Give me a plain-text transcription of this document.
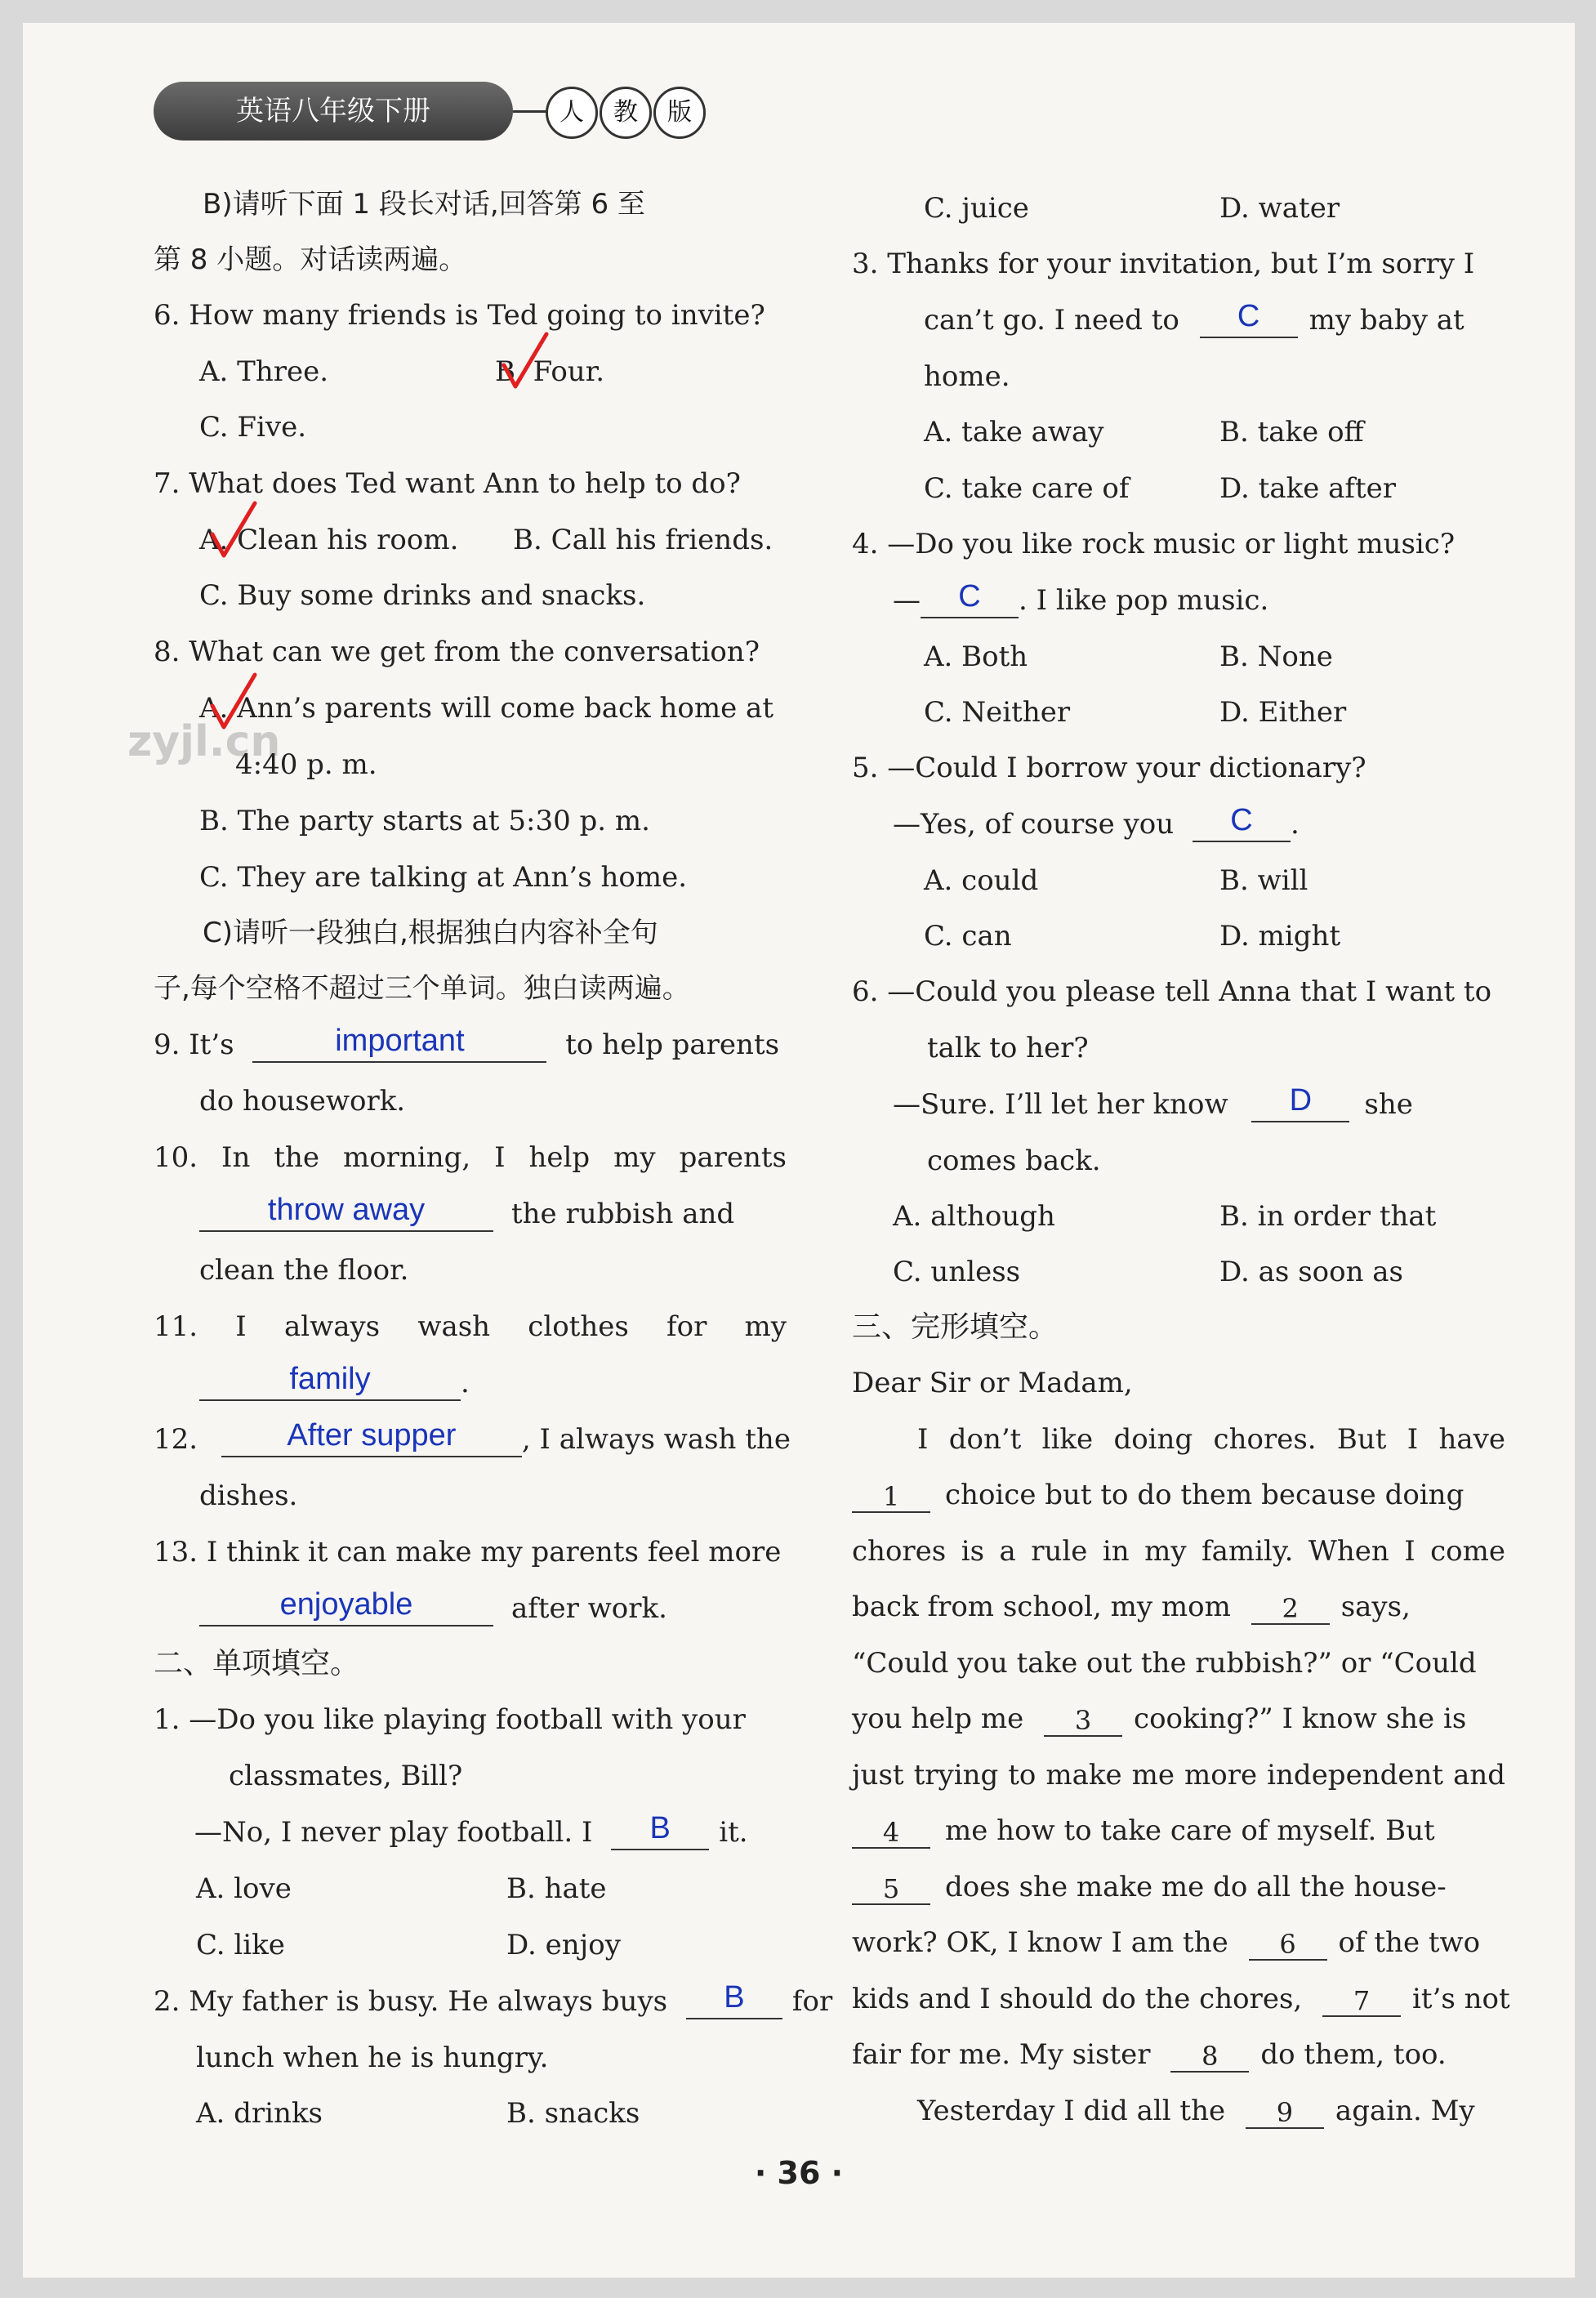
英语八年级下册	人	教	版
zyjl.cn
B)请听下面 1 段长对话,回答第 6 至
第 8 小题。对话读两遍。
6. How many friends is Ted going to invite?
A. Three.	B. Four.
C. Five.
7. What does Ted want Ann to help to do?
A. Clean his room. B. Call his friends.
C. Buy some drinks and snacks.
8. What can we get from the conversation?
A. Ann’s parents will come back home at
4:40 p. m.
B. The party starts at 5:30 p. m.
C. They are talking at Ann’s home.
C)请听一段独白,根据独白内容补全句
子,每个空格不超过三个单词。独白读两遍。
9. It’s	important	to help parents
do housework.
10. In the morning, I help my parents
throw away	the rubbish and
clean the floor.
11. I always wash clothes for my
family	.
12.	After supper	, I always wash the
dishes.
13. I think it can make my parents feel more
enjoyable	after work.
二、单项填空。
1. —Do you like playing football with your
classmates, Bill?
—No, I never play football. I	B	it.
A. love	B. hate
C. like	D. enjoy
2. My father is busy. He always buys	B	for
lunch when he is hungry.
A. drinks	B. snacks
C. juice	D. water
3. Thanks for your invitation, but I’m sorry I
can’t go. I need to	C	my baby at
home.
A. take away	B. take off
C. take care of	D. take after
4. —Do you like rock music or light music?
—	C	. I like pop music.
A. Both	B. None
C. Neither	D. Either
5. —Could I borrow your dictionary?
—Yes, of course you	C	.
A. could	B. will
C. can	D. might
6. —Could you please tell Anna that I want to
talk to her?
—Sure. I’ll let her know	D	she
comes back.
A. although	B. in order that
C. unless	D. as soon as
三、完形填空。
Dear Sir or Madam,
I don’t like doing chores. But I have
1	choice but to do them because doing
chores is a rule in my family. When I come
back from school, my mom	2	says,
“Could you take out the rubbish?” or “Could
you help me	3	cooking?” I know she is
just trying to make me more independent and
4	me how to take care of myself. But
5	does she make me do all the house-
work? OK, I know I am the	6	of the two
kids and I should do the chores,	7	it’s not
fair for me. My sister	8	do them, too.
Yesterday I did all the	9	again. My
· 36 ·
